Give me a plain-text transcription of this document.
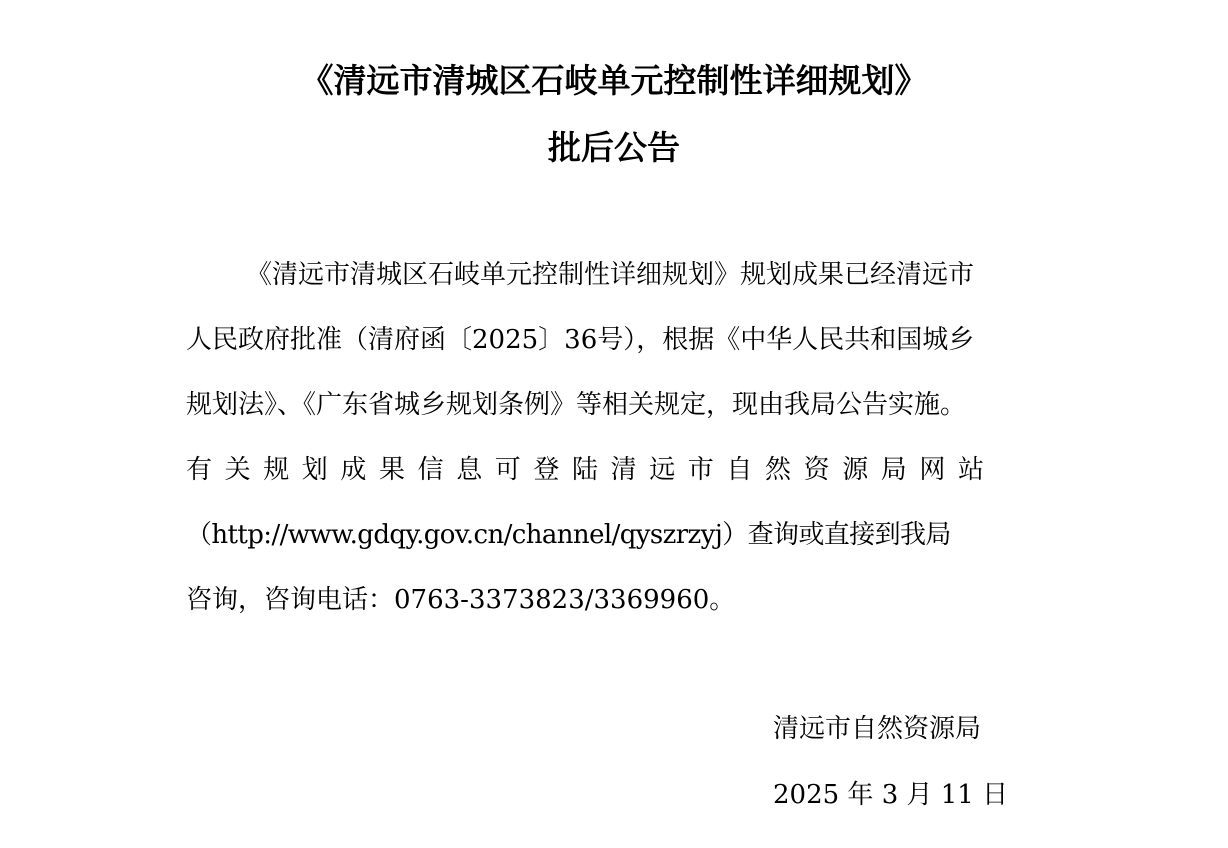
《清远市清城区石岐单元控制性详细规划》
批后公告
《清远市清城区石岐单元控制性详细规划》规划成果已经清远市
人民政府批准（清府函〔2025〕36号），根据《中华人民共和国城乡
规划法》、《广东省城乡规划条例》等相关规定，现由我局公告实施。
有关规划成果信息可登陆清远市自然资源局网站
（http://www.gdqy.gov.cn/channel/qyszrzyj）查询或直接到我局
咨询，咨询电话：0763-3373823/3369960。
清远市自然资源局
2025 年 3 月 11 日
